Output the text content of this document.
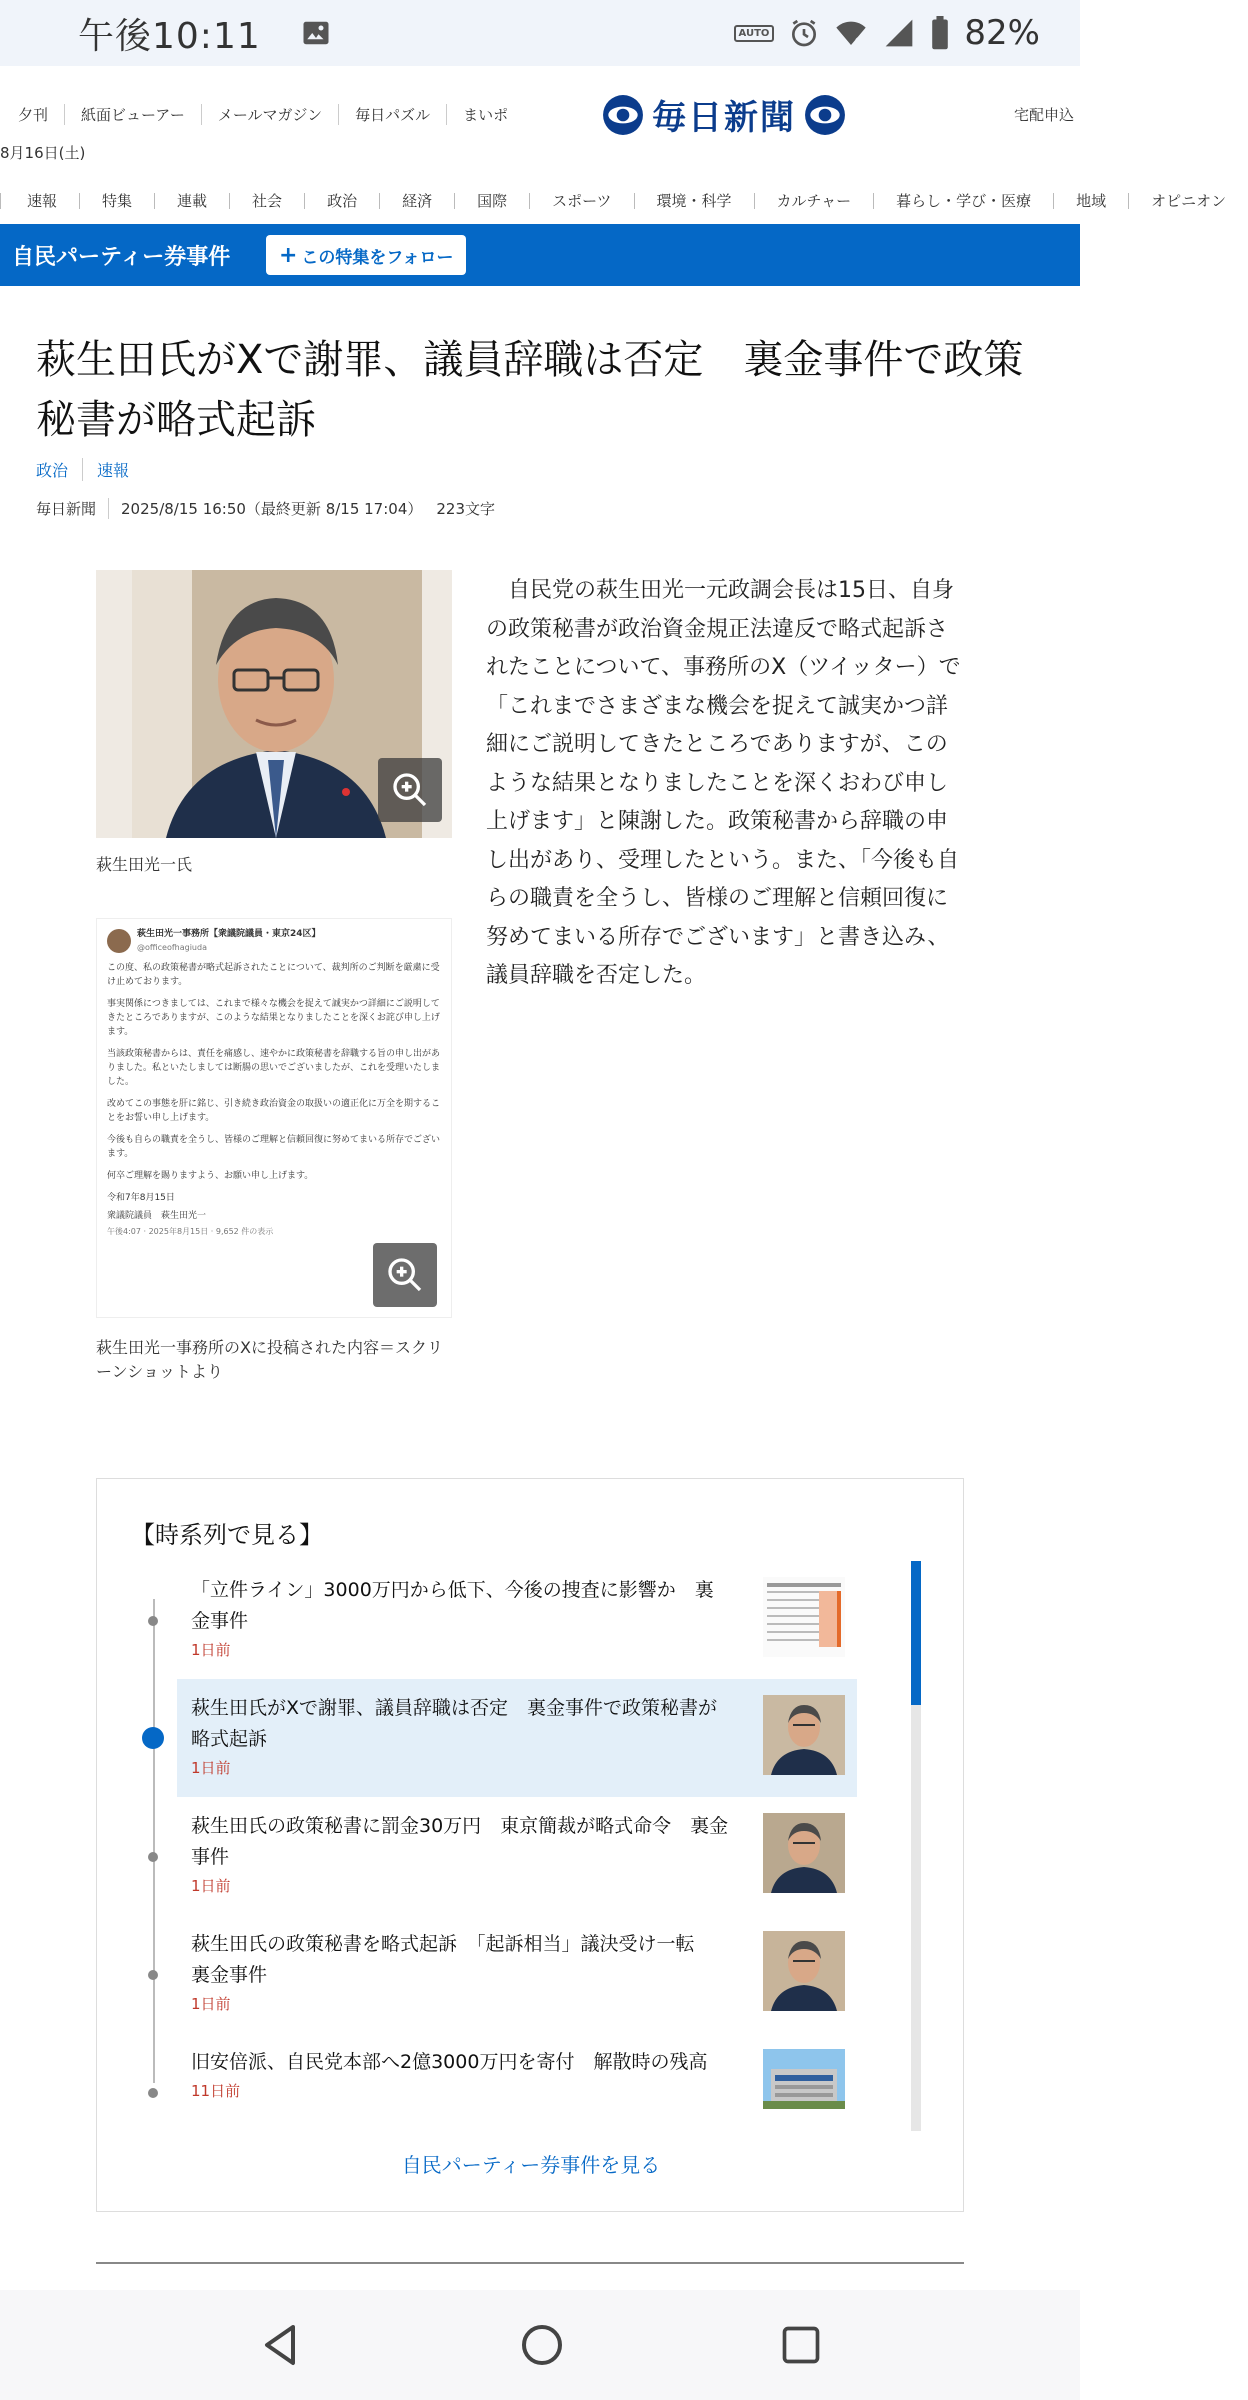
午後10:11	AUTO	82%
夕刊	紙面ビューアー	メールマガジン	毎日パズル	まいポ
8月16日(土)
毎日新聞	宅配申込
速報	特集	連載	社会	政治	経済	国際	スポーツ	環境・科学	カルチャー	暮らし・学び・医療	地域	オピニオン
自民パーティー券事件 + この特集をフォロー
萩生田氏がXで謝罪、議員辞職は否定　裏金事件で政策秘書が略式起訴
政治	速報
毎日新聞	2025/8/15 16:50（最終更新 8/15 17:04） 223文字
萩生田光一氏
萩生田光一事務所【衆議院議員・東京24区】
@officeofhagiuda

この度、私の政策秘書が略式起訴されたことについて、裁判所のご判断を厳粛に受け止めております。

事実関係につきましては、これまで様々な機会を捉えて誠実かつ詳細にご説明してきたところでありますが、このような結果となりましたことを深くお詫び申し上げます。

当該政策秘書からは、責任を痛感し、速やかに政策秘書を辞職する旨の申し出がありました。私といたしましては断腸の思いでございましたが、これを受理いたしました。

改めてこの事態を肝に銘じ、引き続き政治資金の取扱いの適正化に万全を期することをお誓い申し上げます。

今後も自らの職責を全うし、皆様のご理解と信頼回復に努めてまいる所存でございます。

何卒ご理解を賜りますよう、お願い申し上げます。

令和7年8月15日

衆議院議員　萩生田光一

午後4:07 · 2025年8月15日 · 9,652 件の表示

萩生田光一事務所のXに投稿された内容＝スクリーンショットより

自民党の萩生田光一元政調会長は15日、自身の政策秘書が政治資金規正法違反で略式起訴されたことについて、事務所のX（ツイッター）で「これまでさまざまな機会を捉えて誠実かつ詳細にご説明してきたところでありますが、このような結果となりましたことを深くおわび申し上げます」と陳謝した。政策秘書から辞職の申し出があり、受理したという。また、「今後も自らの職責を全うし、皆様のご理解と信頼回復に努めてまいる所存でございます」と書き込み、議員辞職を否定した。

【時系列で見る】
「立件ライン」3000万円から低下、今後の捜査に影響か　裏金事件
1日前
萩生田氏がXで謝罪、議員辞職は否定　裏金事件で政策秘書が略式起訴
1日前
萩生田氏の政策秘書に罰金30万円　東京簡裁が略式命令　裏金事件
1日前
萩生田氏の政策秘書を略式起訴　「起訴相当」議決受け一転　裏金事件
1日前
旧安倍派、自民党本部へ2億3000万円を寄付　解散時の残高
11日前
自民パーティー券事件を見る
